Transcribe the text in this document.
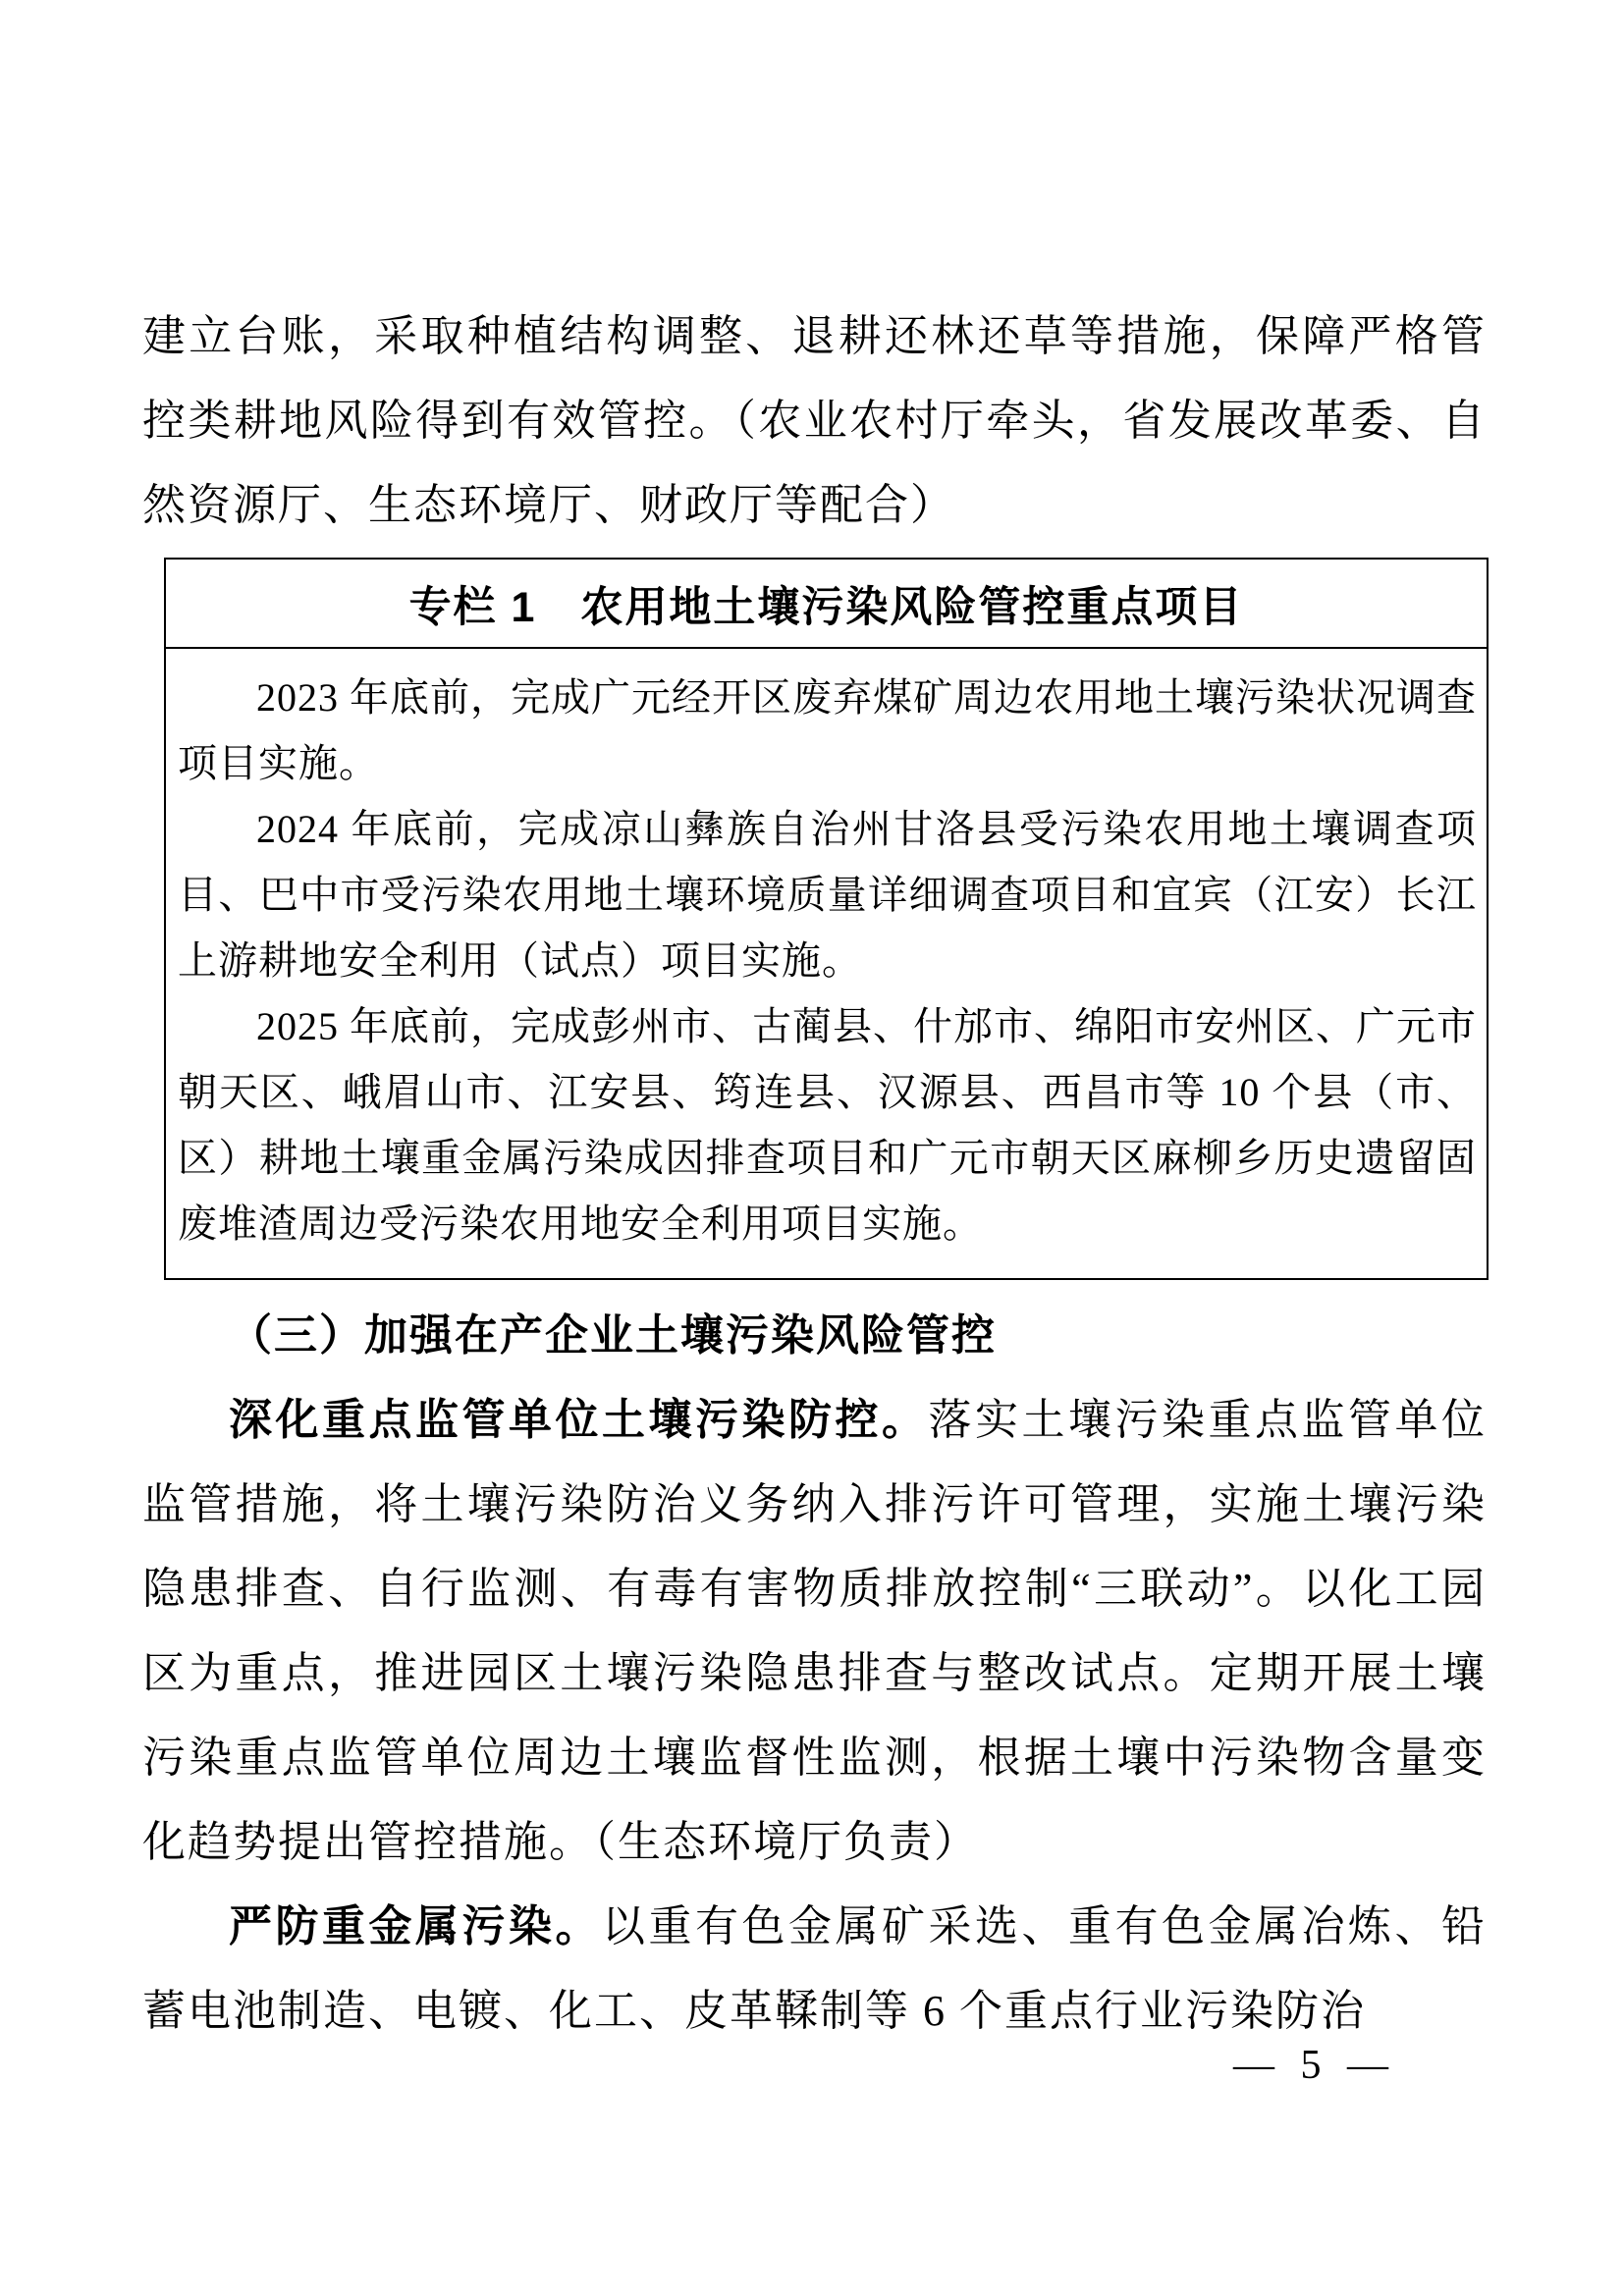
建立台账，采取种植结构调整、退耕还林还草等措施，保障严格管控类耕地风险得到有效管控。（农业农村厅牵头，省发展改革委、自然资源厅、生态环境厅、财政厅等配合）

专栏 1　农用地土壤污染风险管控重点项目

2023 年底前，完成广元经开区废弃煤矿周边农用地土壤污染状况调查项目实施。

2024 年底前，完成凉山彝族自治州甘洛县受污染农用地土壤调查项目、巴中市受污染农用地土壤环境质量详细调查项目和宜宾（江安）长江上游耕地安全利用（试点）项目实施。

2025 年底前，完成彭州市、古蔺县、什邡市、绵阳市安州区、广元市朝天区、峨眉山市、江安县、筠连县、汉源县、西昌市等 10 个县（市、区）耕地土壤重金属污染成因排查项目和广元市朝天区麻柳乡历史遗留固废堆渣周边受污染农用地安全利用项目实施。

（三）加强在产企业土壤污染风险管控

深化重点监管单位土壤污染防控。落实土壤污染重点监管单位监管措施，将土壤污染防治义务纳入排污许可管理，实施土壤污染隐患排查、自行监测、有毒有害物质排放控制“三联动”。以化工园区为重点，推进园区土壤污染隐患排查与整改试点。定期开展土壤污染重点监管单位周边土壤监督性监测，根据土壤中污染物含量变化趋势提出管控措施。（生态环境厅负责）

严防重金属污染。以重有色金属矿采选、重有色金属冶炼、铅蓄电池制造、电镀、化工、皮革鞣制等 6 个重点行业污染防治

— 5 —
